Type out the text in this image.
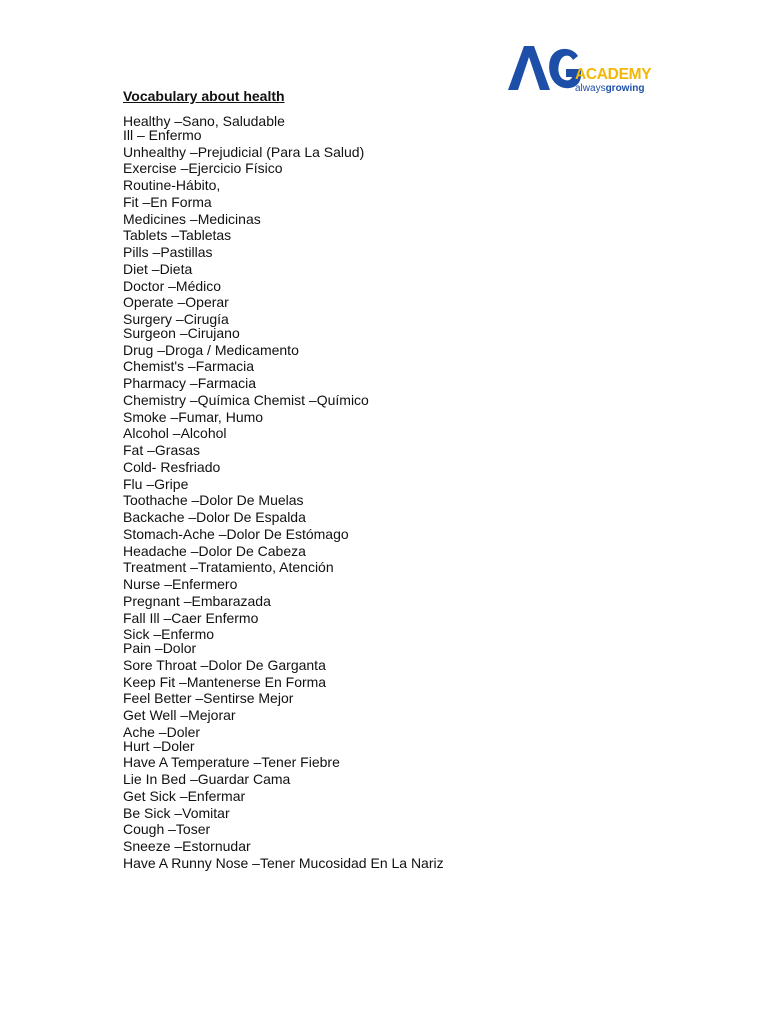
ACADEMY
alwaysgrowing
Vocabulary about health
Healthy –Sano, Saludable
Ill – Enfermo
Unhealthy –Prejudicial (Para La Salud)
Exercise –Ejercicio Físico
Routine-Hábito,
Fit –En Forma
Medicines –Medicinas
Tablets –Tabletas
Pills –Pastillas
Diet –Dieta
Doctor –Médico
Operate –Operar
Surgery –Cirugía
Surgeon –Cirujano
Drug –Droga / Medicamento
Chemist's –Farmacia
Pharmacy –Farmacia
Chemistry –Química Chemist –Químico
Smoke –Fumar, Humo
Alcohol –Alcohol
Fat –Grasas
Cold- Resfriado
Flu –Gripe
Toothache –Dolor De Muelas
Backache –Dolor De Espalda
Stomach-Ache –Dolor De Estómago
Headache –Dolor De Cabeza
Treatment –Tratamiento, Atención
Nurse –Enfermero
Pregnant –Embarazada
Fall Ill –Caer Enfermo
Sick –Enfermo
Pain –Dolor
Sore Throat –Dolor De Garganta
Keep Fit –Mantenerse En Forma
Feel Better –Sentirse Mejor
Get Well –Mejorar
Ache –Doler
Hurt –Doler
Have A Temperature –Tener Fiebre
Lie In Bed –Guardar Cama
Get Sick –Enfermar
Be Sick –Vomitar
Cough –Toser
Sneeze –Estornudar
Have A Runny Nose –Tener Mucosidad En La Nariz
